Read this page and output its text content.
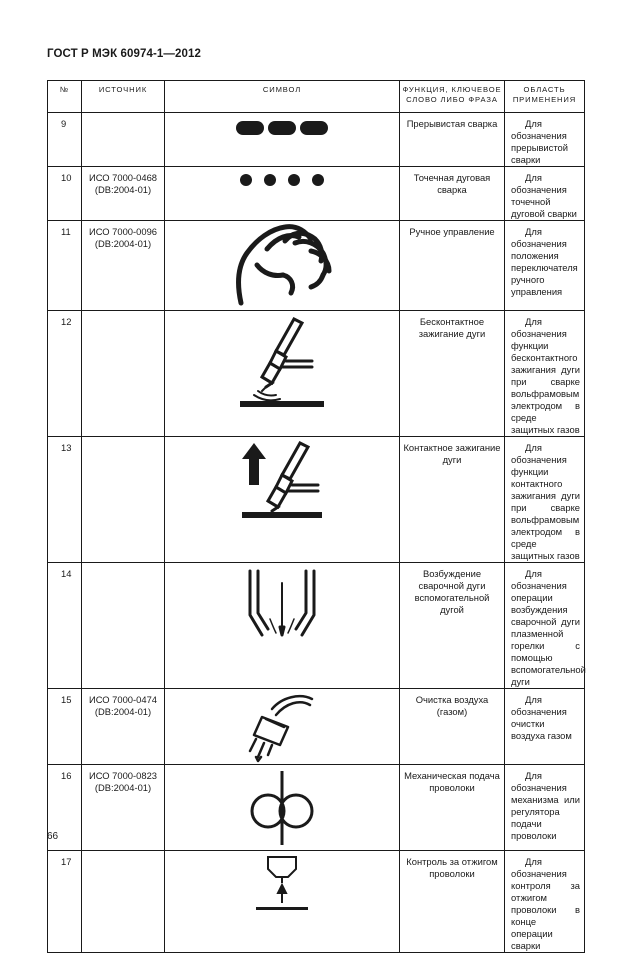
ГОСТ Р МЭК 60974-1—2012
№	ИСТОЧНИК	СИМВОЛ	ФУНКЦИЯ, КЛЮЧЕВОЕ СЛОВО ЛИБО ФРАЗА	ОБЛАСТЬ ПРИМЕНЕНИЯ
9			Прерывистая сварка	Для обозначения прерывистой сварки
10	ИСО 7000-0468 (DB:2004-01)		Точечная дуговая сварка	Для обозначения точечной дуговой сварки
11	ИСО 7000-0096 (DB:2004-01)		Ручное управление	Для обозначения положения переключателя ручного управления
12			Бесконтактное зажигание дуги	Для обозначения функции бесконтактного зажигания дуги при сварке вольфрамовым электродом в среде защитных газов
13			Контактное зажигание дуги	Для обозначения функции контактного зажигания дуги при сварке вольфрамовым электродом в среде защитных газов
14			Возбуждение сварочной дуги вспомогательной дугой	Для обозначения операции возбуждения сварочной дуги плазменной горелки с помощью вспомогательной дуги
15	ИСО 7000-0474 (DB:2004-01)		Очистка воздуха (газом)	Для обозначения очистки воздуха газом
16	ИСО 7000-0823 (DB:2004-01)		Механическая подача проволоки	Для обозначения механизма или регулятора подачи проволоки
17			Контроль за отжигом проволоки	Для обозначения контроля за отжигом проволоки в конце операции сварки
66
